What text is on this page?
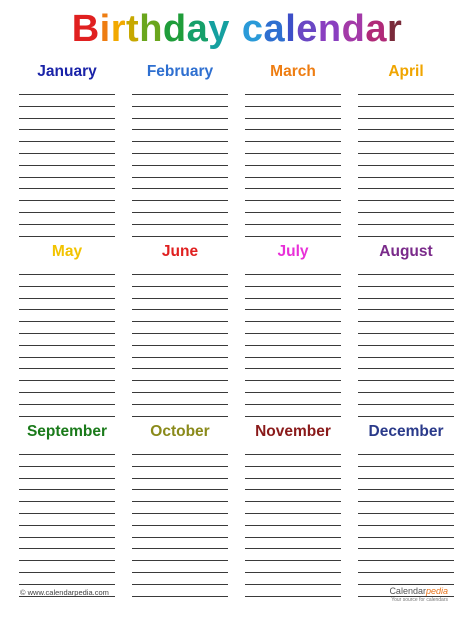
Birthday calendar
January	February	March	April
May	June	July	August
September	October	November	December
© www.calendarpedia.com	Calendarpedia
Your source for calendars
